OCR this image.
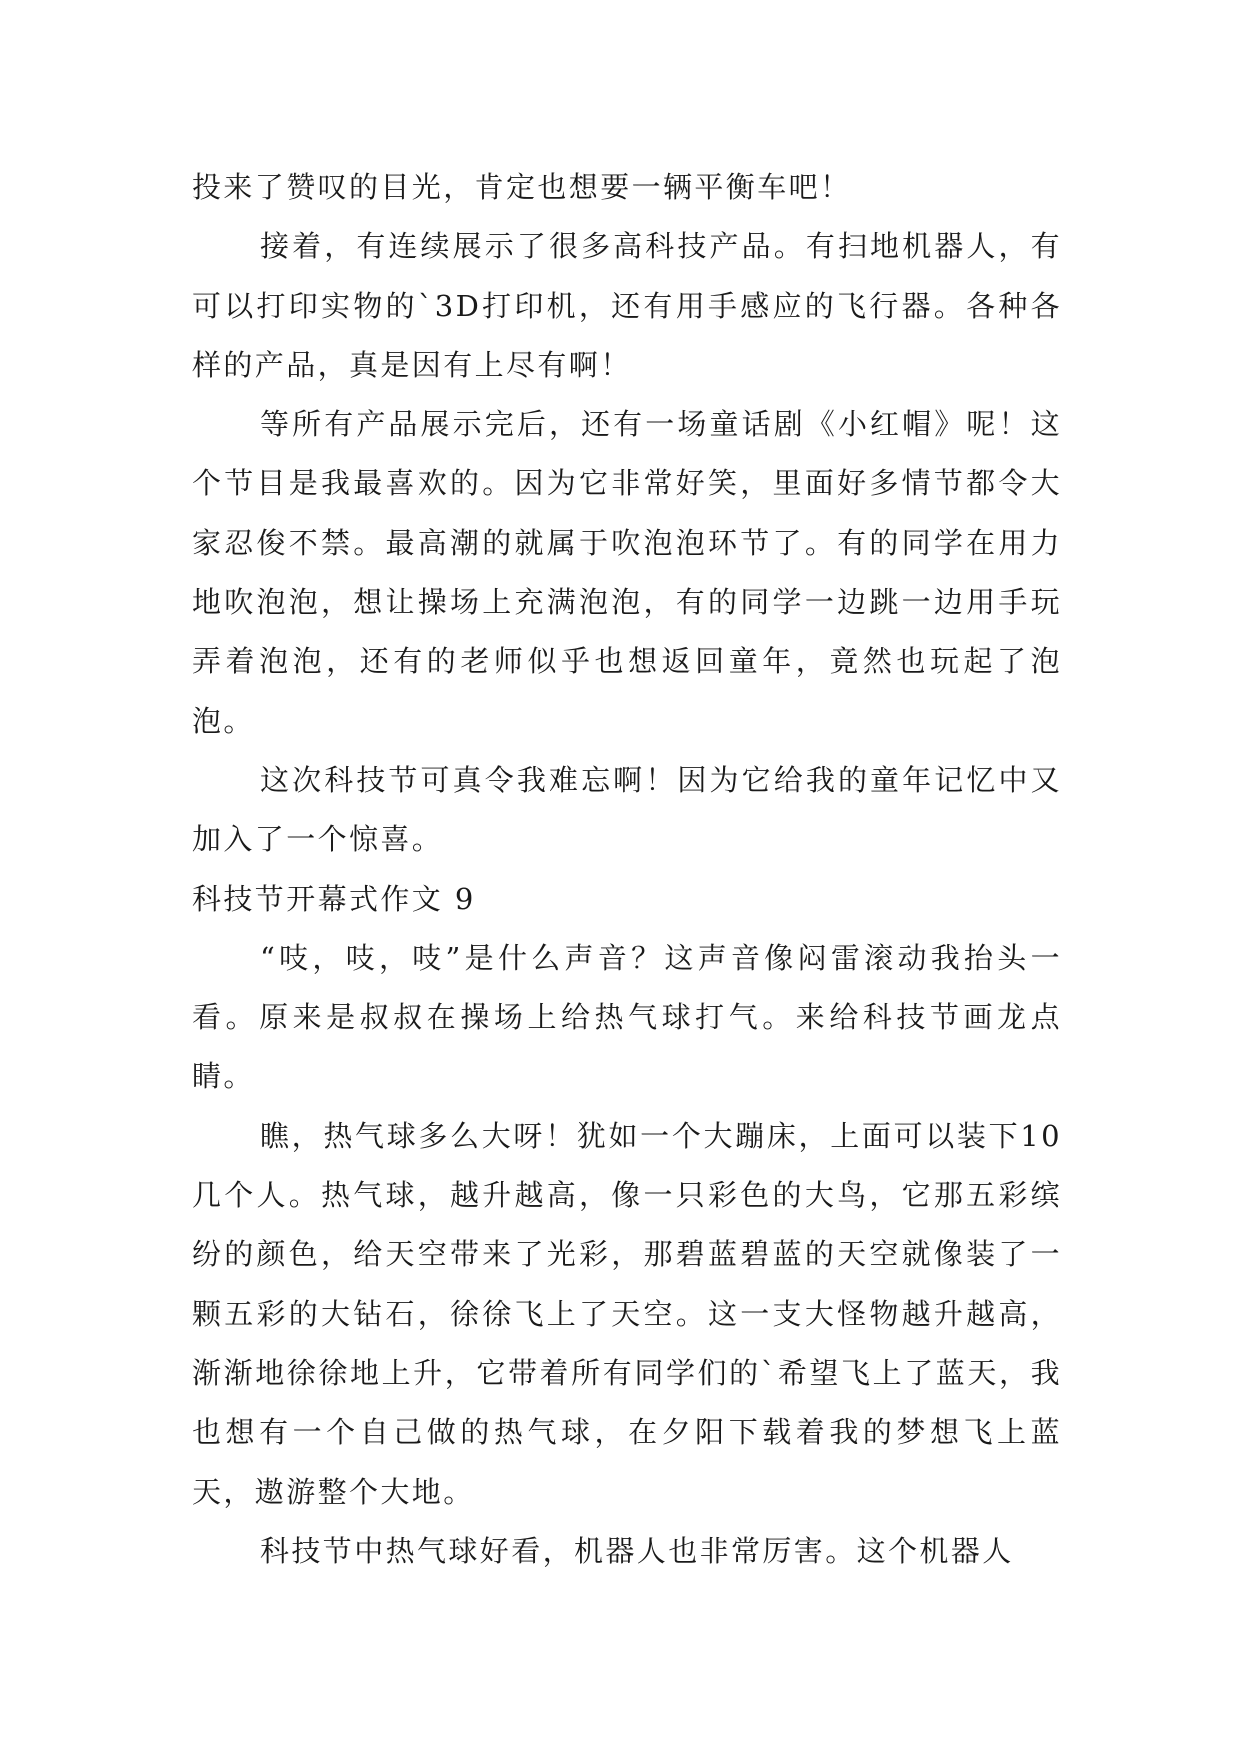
投来了赞叹的目光，肯定也想要一辆平衡车吧！

接着，有连续展示了很多高科技产品。有扫地机器人，有可以打印实物的`3D打印机，还有用手感应的飞行器。各种各样的产品，真是因有上尽有啊！

等所有产品展示完后，还有一场童话剧《小红帽》呢！这个节目是我最喜欢的。因为它非常好笑，里面好多情节都令大家忍俊不禁。最高潮的就属于吹泡泡环节了。有的同学在用力地吹泡泡，想让操场上充满泡泡，有的同学一边跳一边用手玩弄着泡泡，还有的老师似乎也想返回童年，竟然也玩起了泡泡。

这次科技节可真令我难忘啊！因为它给我的童年记忆中又加入了一个惊喜。

科技节开幕式作文 9

“吱，吱，吱”是什么声音？这声音像闷雷滚动我抬头一看。原来是叔叔在操场上给热气球打气。来给科技节画龙点睛。

瞧，热气球多么大呀！犹如一个大蹦床，上面可以装下10几个人。热气球，越升越高，像一只彩色的大鸟，它那五彩缤纷的颜色，给天空带来了光彩，那碧蓝碧蓝的天空就像装了一颗五彩的大钻石，徐徐飞上了天空。这一支大怪物越升越高，渐渐地徐徐地上升，它带着所有同学们的`希望飞上了蓝天，我也想有一个自己做的热气球，在夕阳下载着我的梦想飞上蓝天，遨游整个大地。

科技节中热气球好看，机器人也非常厉害。这个机器人
